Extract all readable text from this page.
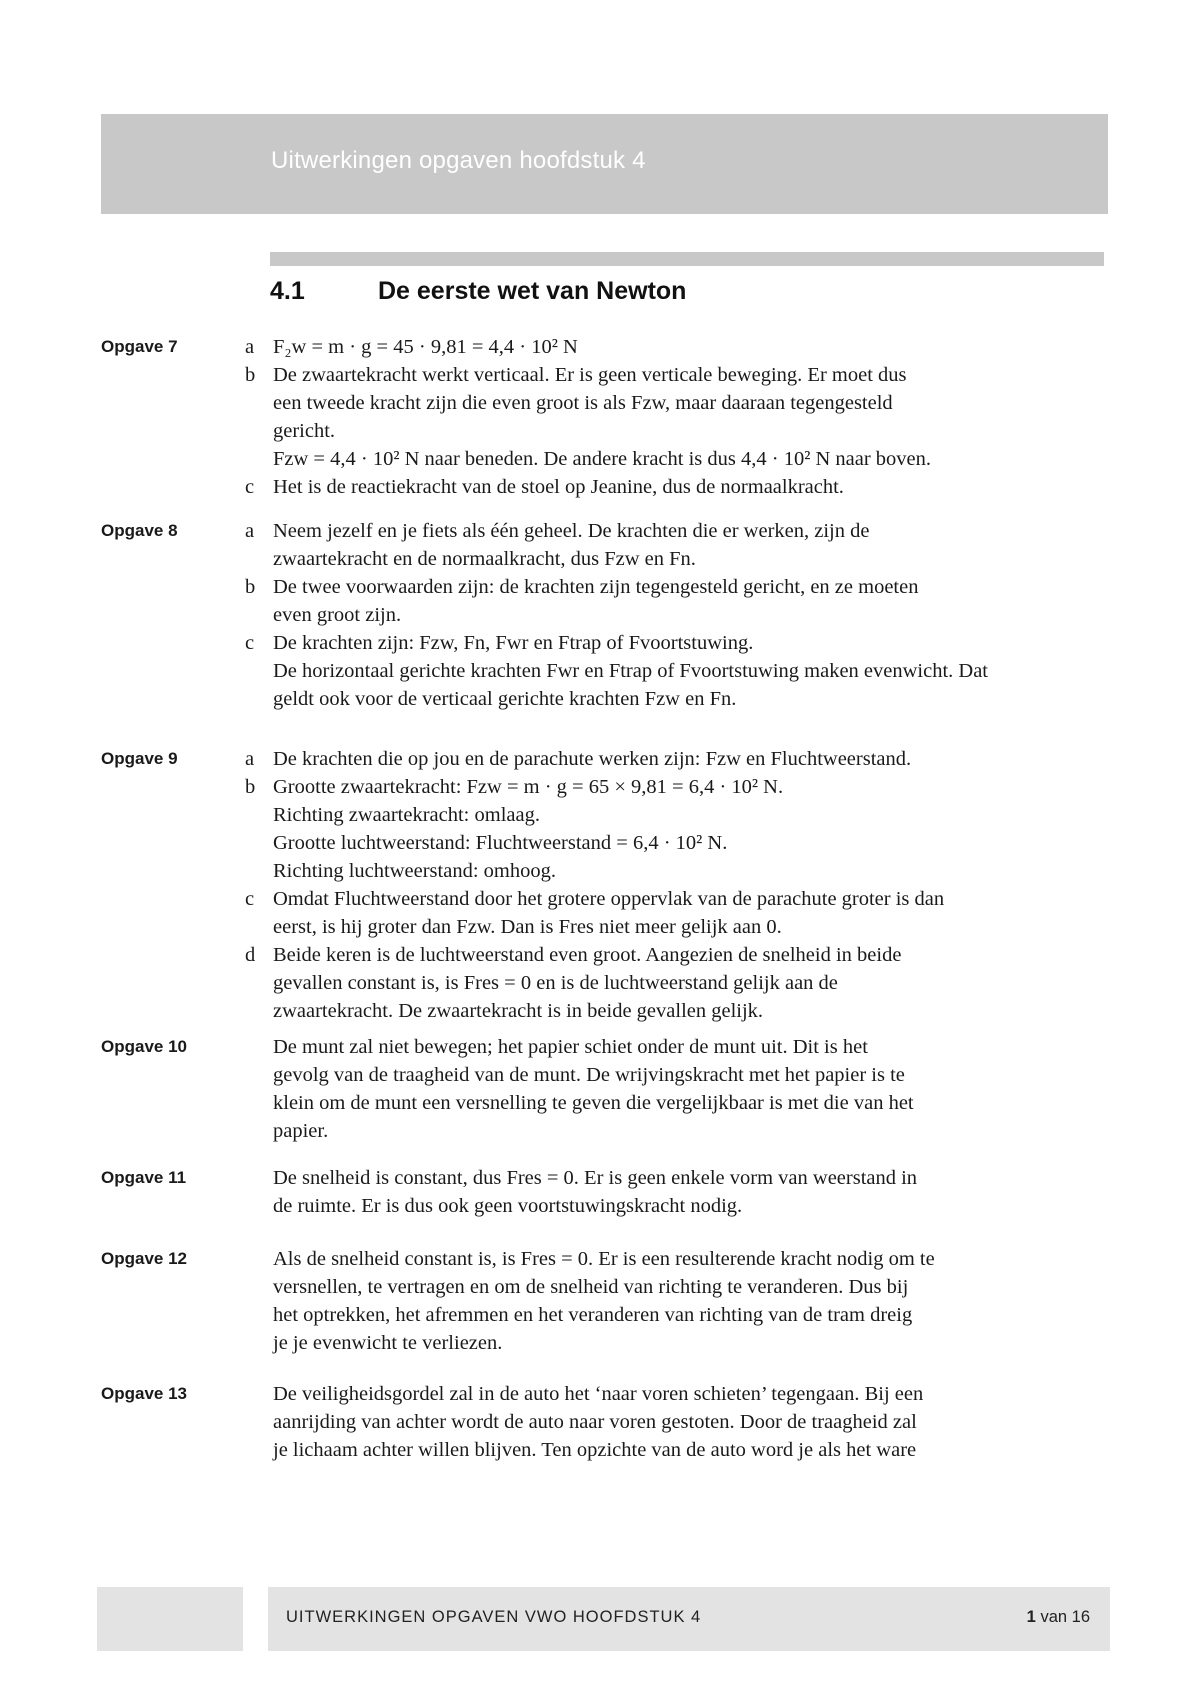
Uitwerkingen opgaven hoofdstuk 4
4.1	De eerste wet van Newton
Opgave 7	a F₂w = m · g = 45 · 9,81 = 4,4 · 10² N
b De zwaartekracht werkt verticaal. Er is geen verticale beweging. Er moet dus
een tweede kracht zijn die even groot is als Fzw, maar daaraan tegengesteld
gericht.
Fzw = 4,4 · 10² N naar beneden. De andere kracht is dus 4,4 · 10² N naar boven.
c Het is de reactiekracht van de stoel op Jeanine, dus de normaalkracht.
Opgave 8	a Neem jezelf en je fiets als één geheel. De krachten die er werken, zijn de
zwaartekracht en de normaalkracht, dus Fzw en Fn.
b De twee voorwaarden zijn: de krachten zijn tegengesteld gericht, en ze moeten
even groot zijn.
c De krachten zijn: Fzw, Fn, Fwr en Ftrap of Fvoortstuwing.
De horizontaal gerichte krachten Fwr en Ftrap of Fvoortstuwing maken evenwicht. Dat
geldt ook voor de verticaal gerichte krachten Fzw en Fn.
Opgave 9	a De krachten die op jou en de parachute werken zijn: Fzw en Fluchtweerstand.
b Grootte zwaartekracht: Fzw = m · g = 65 × 9,81 = 6,4 · 10² N.
Richting zwaartekracht: omlaag.
Grootte luchtweerstand: Fluchtweerstand = 6,4 · 10² N.
Richting luchtweerstand: omhoog.
c Omdat Fluchtweerstand door het grotere oppervlak van de parachute groter is dan
eerst, is hij groter dan Fzw. Dan is Fres niet meer gelijk aan 0.
d Beide keren is de luchtweerstand even groot. Aangezien de snelheid in beide
gevallen constant is, is Fres = 0 en is de luchtweerstand gelijk aan de
zwaartekracht. De zwaartekracht is in beide gevallen gelijk.
Opgave 10	De munt zal niet bewegen; het papier schiet onder de munt uit. Dit is het
gevolg van de traagheid van de munt. De wrijvingskracht met het papier is te
klein om de munt een versnelling te geven die vergelijkbaar is met die van het
papier.
Opgave 11	De snelheid is constant, dus Fres = 0. Er is geen enkele vorm van weerstand in
de ruimte. Er is dus ook geen voortstuwingskracht nodig.
Opgave 12	Als de snelheid constant is, is Fres = 0. Er is een resulterende kracht nodig om te
versnellen, te vertragen en om de snelheid van richting te veranderen. Dus bij
het optrekken, het afremmen en het veranderen van richting van de tram dreig
je je evenwicht te verliezen.
Opgave 13	De veiligheidsgordel zal in de auto het ‘naar voren schieten’ tegengaan. Bij een
aanrijding van achter wordt de auto naar voren gestoten. Door de traagheid zal
je lichaam achter willen blijven. Ten opzichte van de auto word je als het ware
UITWERKINGEN OPGAVEN VWO HOOFDSTUK 4	1 van 16
